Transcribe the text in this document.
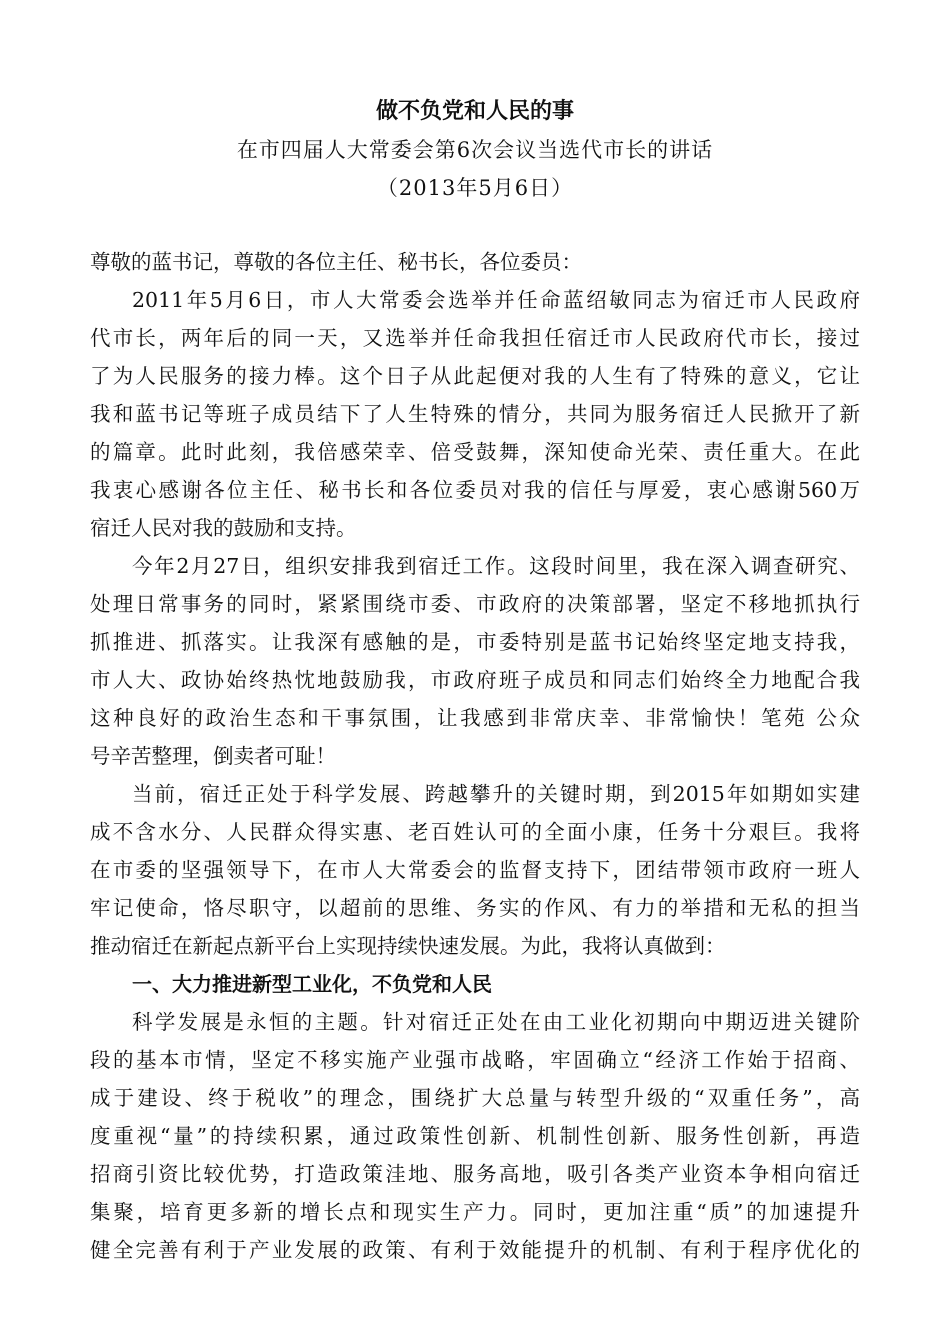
做不负党和人民的事
在市四届人大常委会第6次会议当选代市长的讲话
（2013年5月6日）
尊敬的蓝书记，尊敬的各位主任、秘书长，各位委员：
2011年5月6日，市人大常委会选举并任命蓝绍敏同志为宿迁市人民政府
代市长，两年后的同一天，又选举并任命我担任宿迁市人民政府代市长，接过
了为人民服务的接力棒。这个日子从此起便对我的人生有了特殊的意义，它让
我和蓝书记等班子成员结下了人生特殊的情分，共同为服务宿迁人民掀开了新
的篇章。此时此刻，我倍感荣幸、倍受鼓舞，深知使命光荣、责任重大。在此
我衷心感谢各位主任、秘书长和各位委员对我的信任与厚爱，衷心感谢560万
宿迁人民对我的鼓励和支持。
今年2月27日，组织安排我到宿迁工作。这段时间里，我在深入调查研究、
处理日常事务的同时，紧紧围绕市委、市政府的决策部署，坚定不移地抓执行
抓推进、抓落实。让我深有感触的是，市委特别是蓝书记始终坚定地支持我，
市人大、政协始终热忱地鼓励我，市政府班子成员和同志们始终全力地配合我
这种良好的政治生态和干事氛围，让我感到非常庆幸、非常愉快！笔苑 公众
号辛苦整理，倒卖者可耻！
当前，宿迁正处于科学发展、跨越攀升的关键时期，到2015年如期如实建
成不含水分、人民群众得实惠、老百姓认可的全面小康，任务十分艰巨。我将
在市委的坚强领导下，在市人大常委会的监督支持下，团结带领市政府一班人
牢记使命，恪尽职守，以超前的思维、务实的作风、有力的举措和无私的担当
推动宿迁在新起点新平台上实现持续快速发展。为此，我将认真做到：
一、大力推进新型工业化，不负党和人民
科学发展是永恒的主题。针对宿迁正处在由工业化初期向中期迈进关键阶
段的基本市情，坚定不移实施产业强市战略，牢固确立“经济工作始于招商、
成于建设、终于税收”的理念，围绕扩大总量与转型升级的“双重任务”，高
度重视“量”的持续积累，通过政策性创新、机制性创新、服务性创新，再造
招商引资比较优势，打造政策洼地、服务高地，吸引各类产业资本争相向宿迁
集聚，培育更多新的增长点和现实生产力。同时，更加注重“质”的加速提升
健全完善有利于产业发展的政策、有利于效能提升的机制、有利于程序优化的
